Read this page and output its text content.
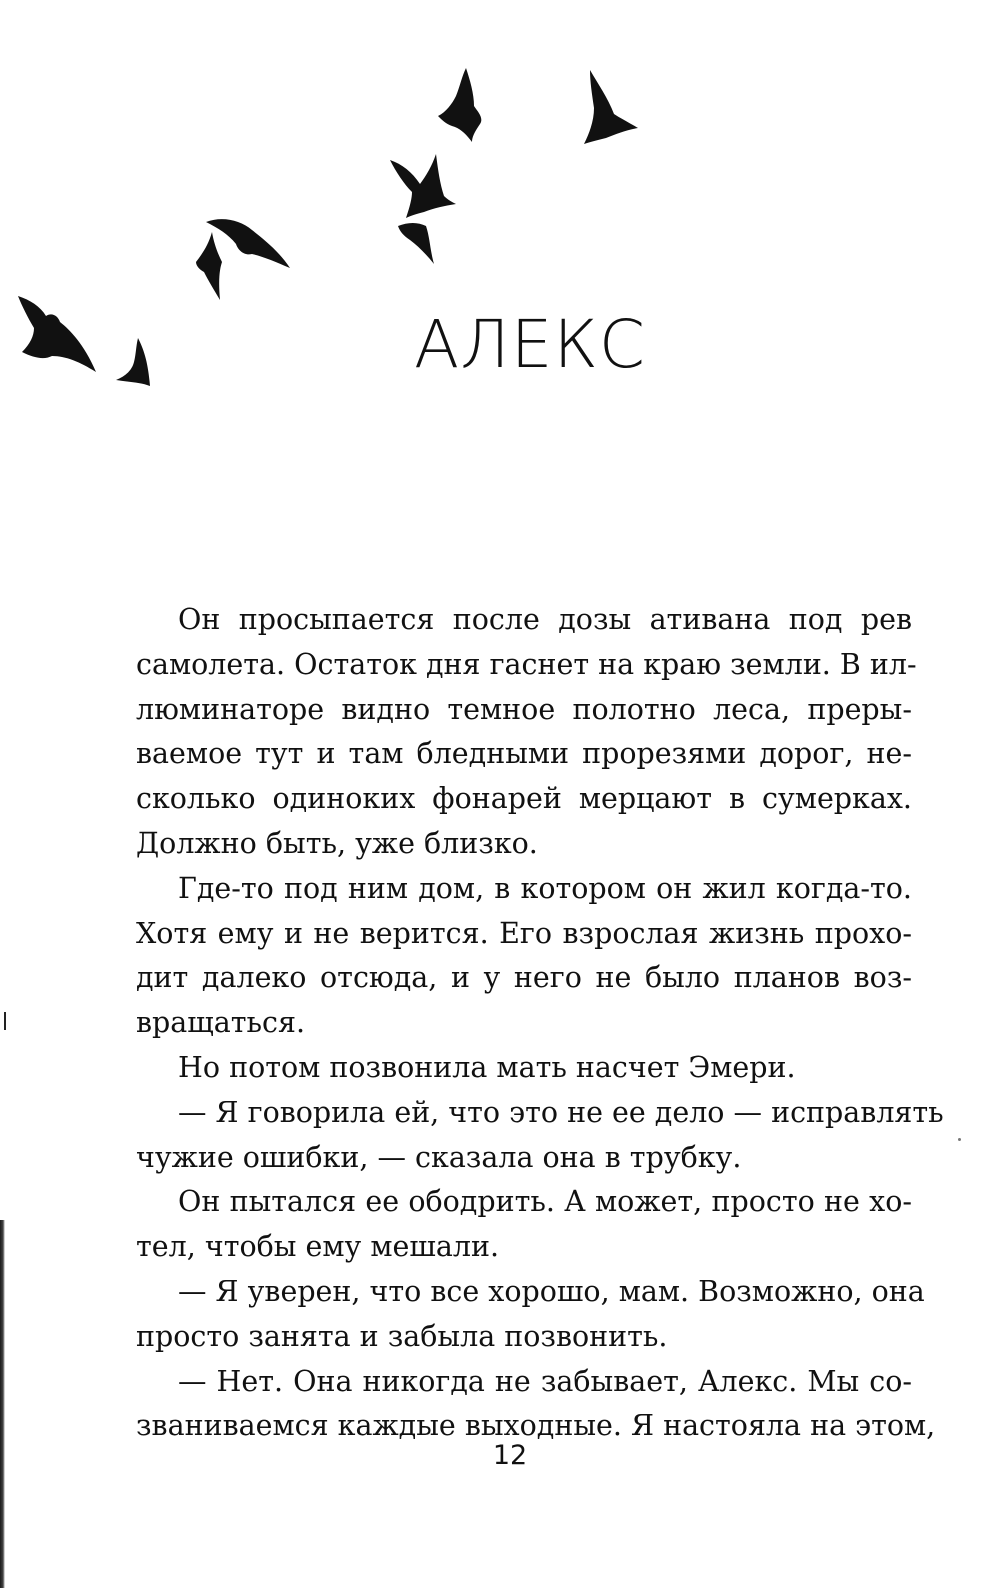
АЛЕКС
Он просыпается после дозы ативана под рев
самолета. Остаток дня гаснет на краю земли. В ил-
люминаторе видно темное полотно леса, преры-
ваемое тут и там бледными прорезями дорог, не-
сколько одиноких фонарей мерцают в сумерках.
Должно быть, уже близко.
Где-то под ним дом, в котором он жил когда-то.
Хотя ему и не верится. Его взрослая жизнь прохо-
дит далеко отсюда, и у него не было планов воз-
вращаться.
Но потом позвонила мать насчет Эмери.
— Я говорила ей, что это не ее дело — исправлять
чужие ошибки, — сказала она в трубку.
Он пытался ее ободрить. А может, просто не хо-
тел, чтобы ему мешали.
— Я уверен, что все хорошо, мам. Возможно, она
просто занята и забыла позвонить.
— Нет. Она никогда не забывает, Алекс. Мы со-
званиваемся каждые выходные. Я настояла на этом,
12
